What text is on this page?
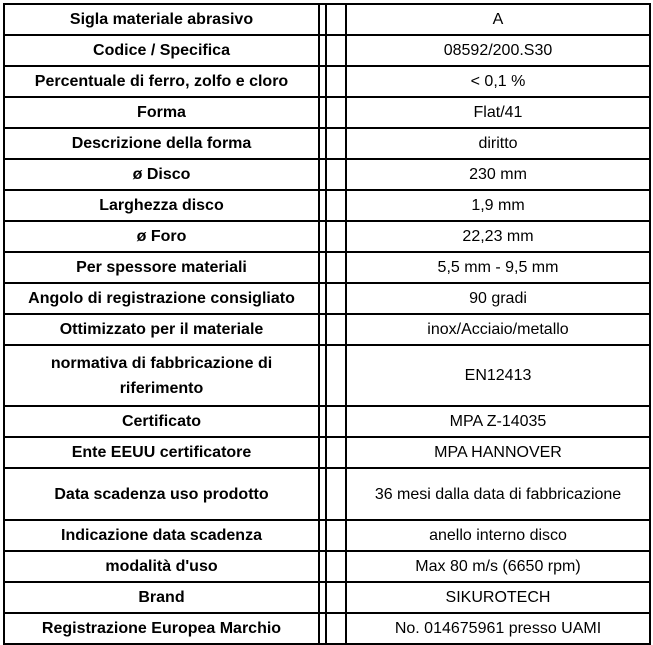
Sigla materiale abrasivo			A
Codice / Specifica			08592/200.S30
Percentuale di ferro, zolfo e cloro			< 0,1 %
Forma			Flat/41
Descrizione della forma			diritto
ø Disco			230 mm
Larghezza disco			1,9 mm
ø Foro			22,23 mm
Per spessore materiali			5,5 mm - 9,5 mm
Angolo di registrazione consigliato			90 gradi
Ottimizzato per il materiale			inox/Acciaio/metallo
normativa di fabbricazione di riferimento			EN12413
Certificato			MPA Z-14035
Ente EEUU certificatore			MPA HANNOVER
Data scadenza uso prodotto			36 mesi dalla data di fabbricazione
Indicazione data scadenza			anello interno disco
modalità d'uso			Max 80 m/s (6650 rpm)
Brand			SIKUROTECH
Registrazione Europea Marchio			No. 014675961 presso UAMI
